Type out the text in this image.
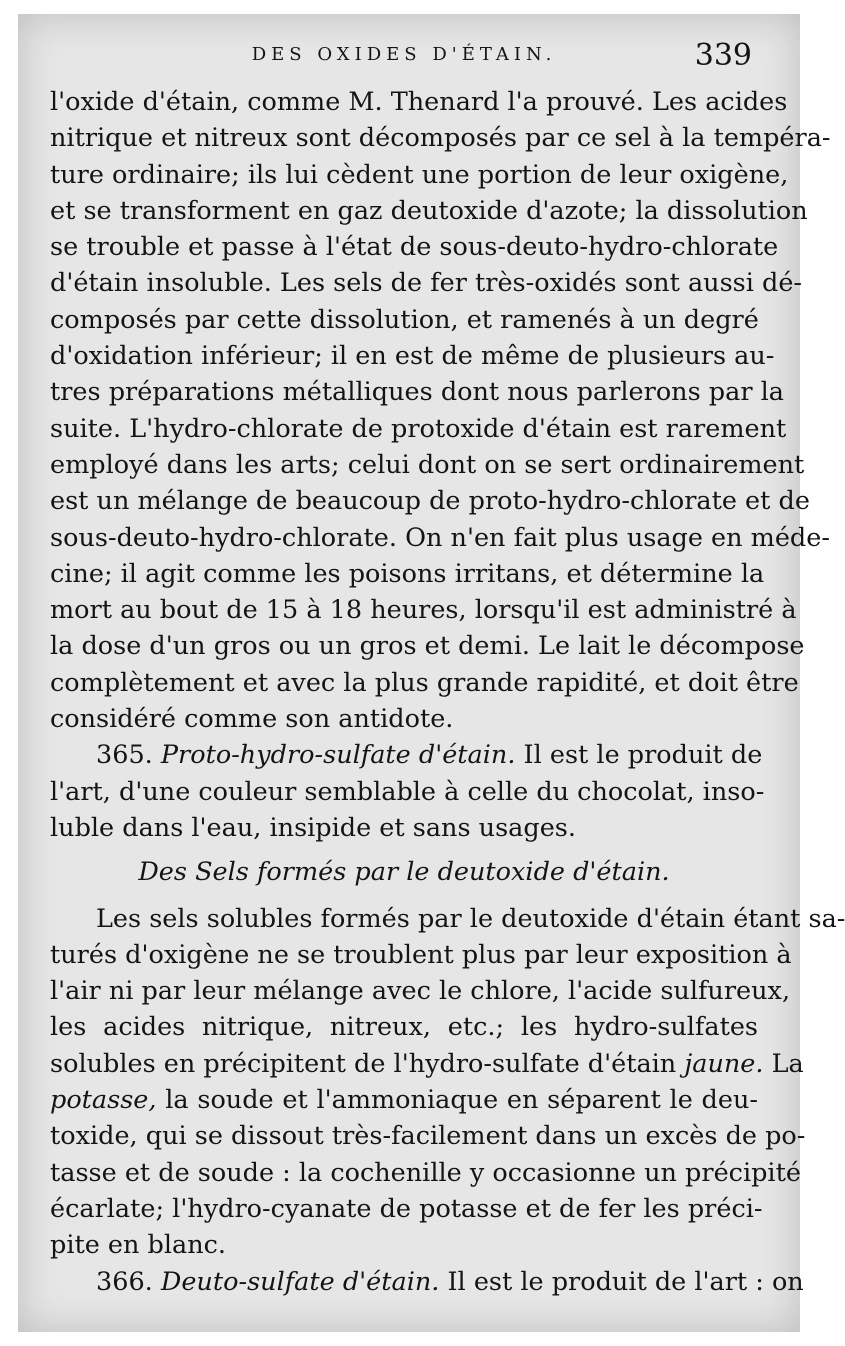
DES OXIDES D'ÉTAIN.	339
l'oxide d'étain, comme M. Thenard l'a prouvé. Les acides
nitrique et nitreux sont décomposés par ce sel à la tempéra-
ture ordinaire; ils lui cèdent une portion de leur oxigène,
et se transforment en gaz deutoxide d'azote; la dissolution
se trouble et passe à l'état de sous-deuto-hydro-chlorate
d'étain insoluble. Les sels de fer très-oxidés sont aussi dé-
composés par cette dissolution, et ramenés à un degré
d'oxidation inférieur; il en est de même de plusieurs au-
tres préparations métalliques dont nous parlerons par la
suite. L'hydro-chlorate de protoxide d'étain est rarement
employé dans les arts; celui dont on se sert ordinairement
est un mélange de beaucoup de proto-hydro-chlorate et de
sous-deuto-hydro-chlorate. On n'en fait plus usage en méde-
cine; il agit comme les poisons irritans, et détermine la
mort au bout de 15 à 18 heures, lorsqu'il est administré à
la dose d'un gros ou un gros et demi. Le lait le décompose
complètement et avec la plus grande rapidité, et doit être
considéré comme son antidote.
365. Proto-hydro-sulfate d'étain. Il est le produit de
l'art, d'une couleur semblable à celle du chocolat, inso-
luble dans l'eau, insipide et sans usages.
Des Sels formés par le deutoxide d'étain.
Les sels solubles formés par le deutoxide d'étain étant sa-
turés d'oxigène ne se troublent plus par leur exposition à
l'air ni par leur mélange avec le chlore, l'acide sulfureux,
les acides nitrique, nitreux, etc.; les hydro-sulfates
solubles en précipitent de l'hydro-sulfate d'étain jaune. La
potasse, la soude et l'ammoniaque en séparent le deu-
toxide, qui se dissout très-facilement dans un excès de po-
tasse et de soude : la cochenille y occasionne un précipité
écarlate; l'hydro-cyanate de potasse et de fer les préci-
pite en blanc.
366. Deuto-sulfate d'étain. Il est le produit de l'art : on
